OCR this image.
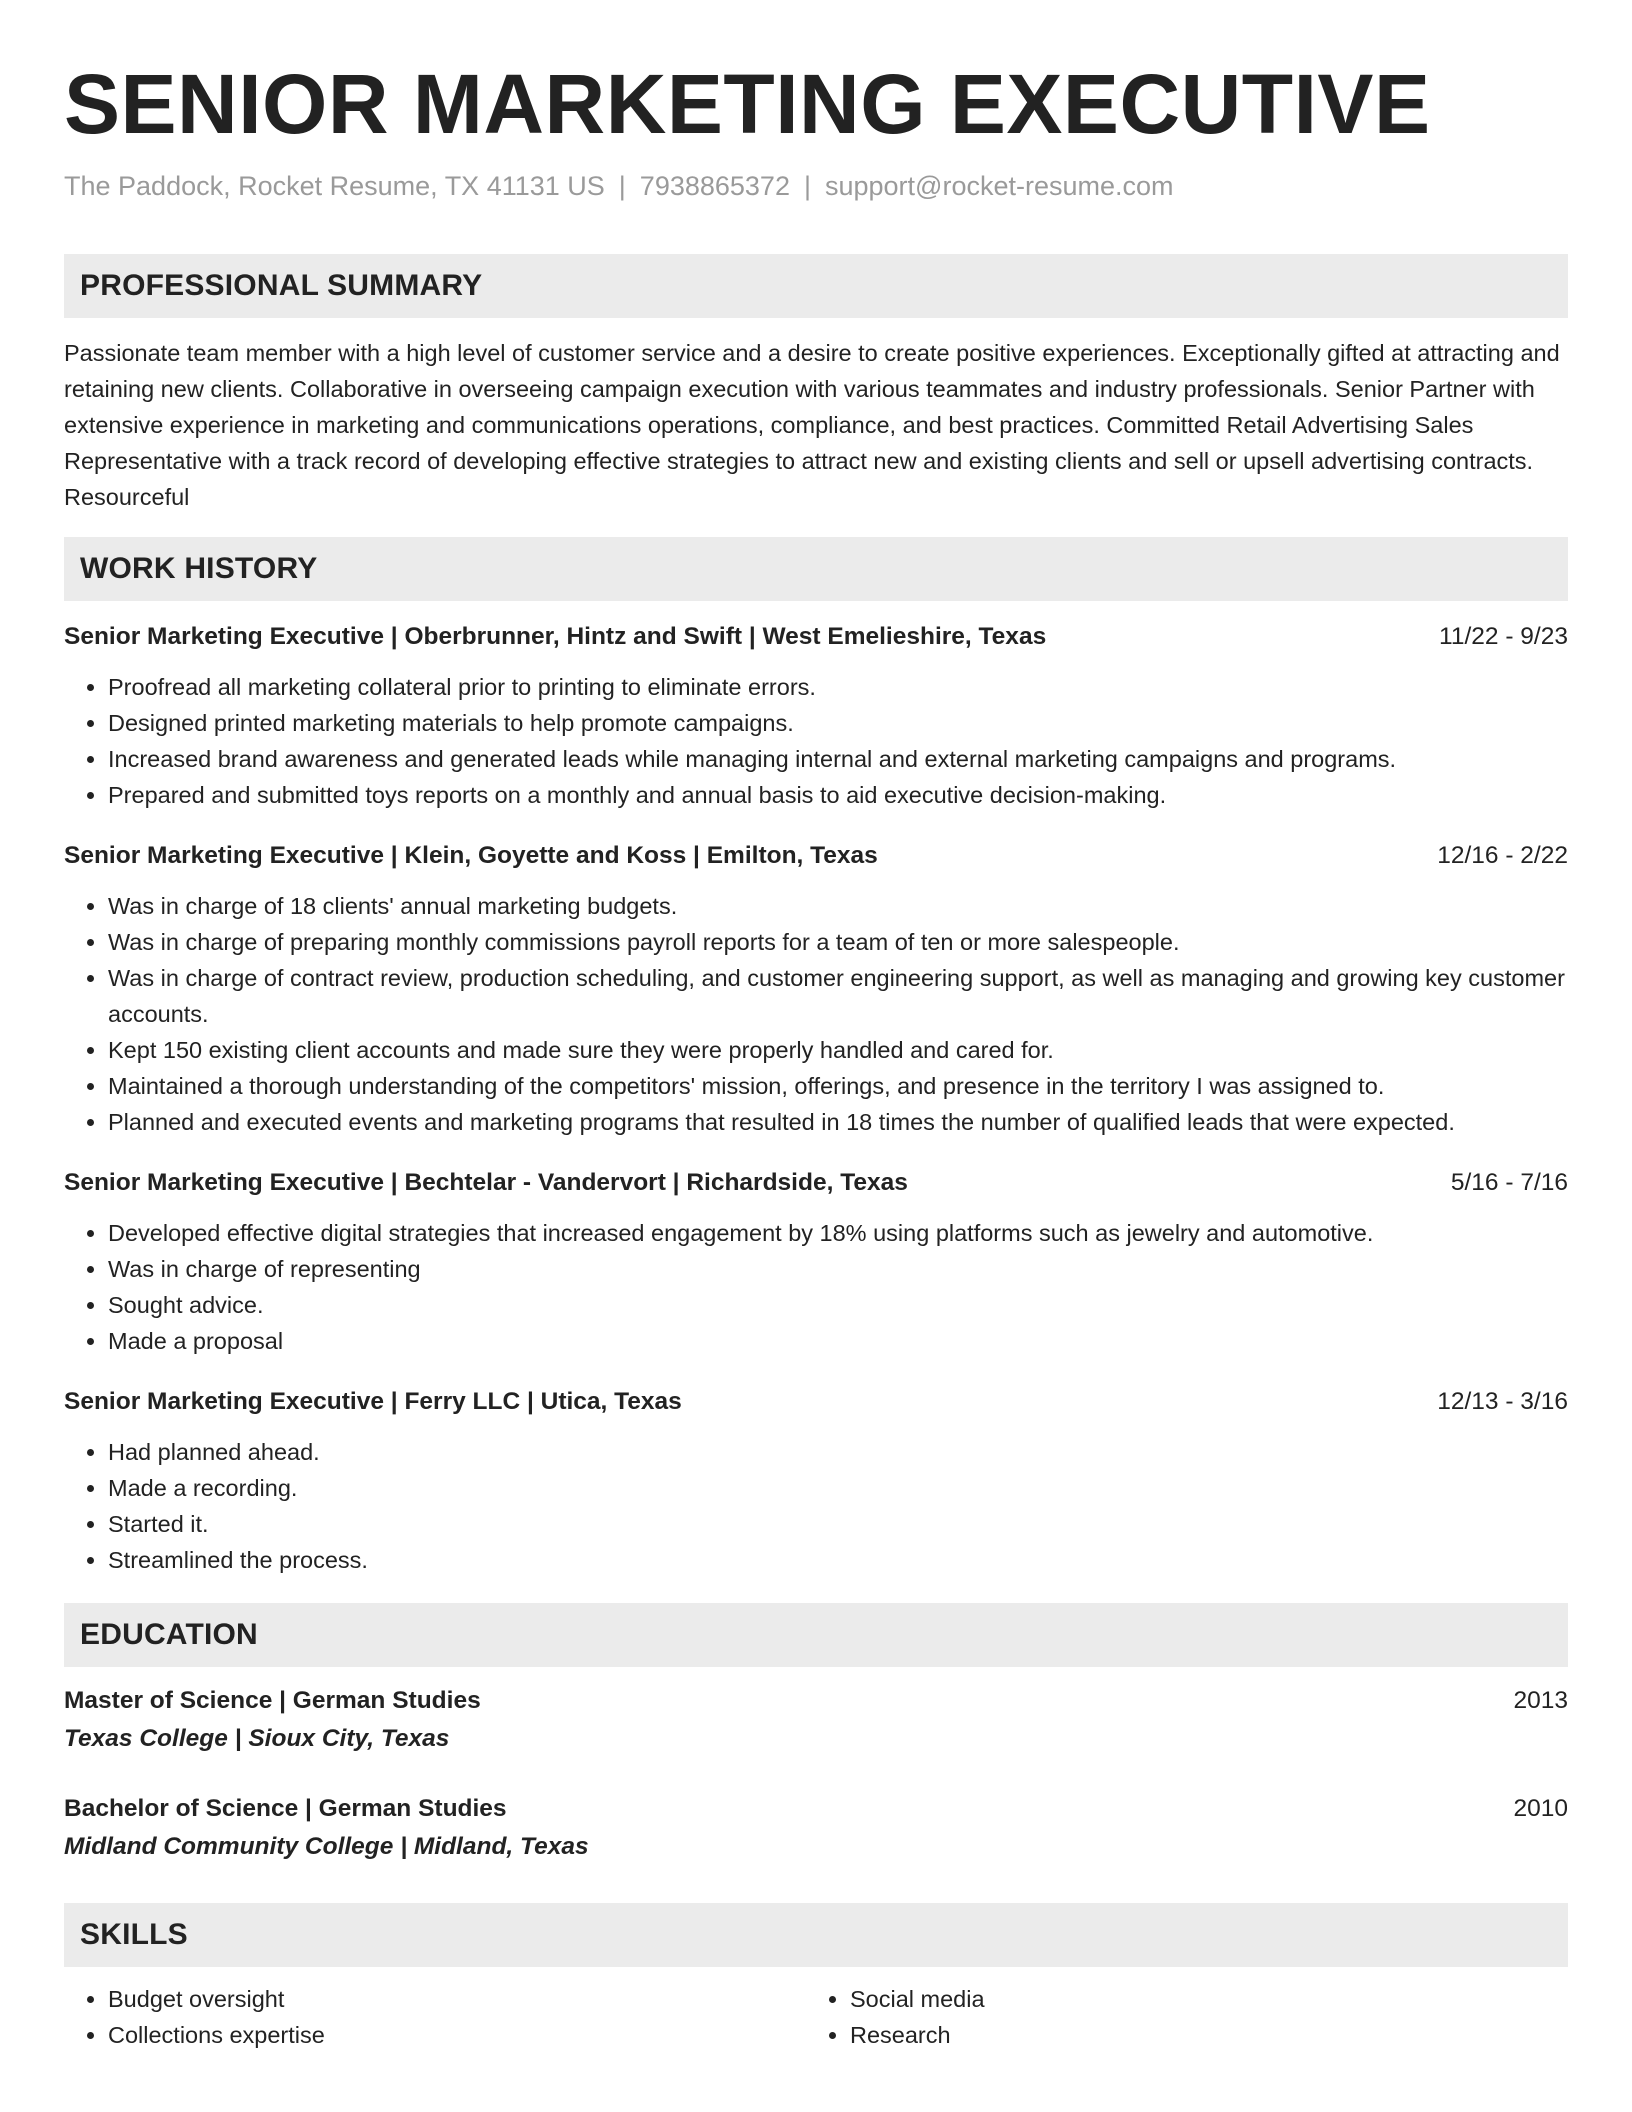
SENIOR MARKETING EXECUTIVE
The Paddock, Rocket Resume, TX 41131 US | 7938865372 | support@rocket-resume.com
PROFESSIONAL SUMMARY

Passionate team member with a high level of customer service and a desire to create positive experiences. Exceptionally gifted at attracting and retaining new clients. Collaborative in overseeing campaign execution with various teammates and industry professionals. Senior Partner with extensive experience in marketing and communications operations, compliance, and best practices. Committed Retail Advertising Sales Representative with a track record of developing effective strategies to attract new and existing clients and sell or upsell advertising contracts. Resourceful

WORK HISTORY
Senior Marketing Executive | Oberbrunner, Hintz and Swift | West Emelieshire, Texas	11/22 - 9/23
• Proofread all marketing collateral prior to printing to eliminate errors.
• Designed printed marketing materials to help promote campaigns.
• Increased brand awareness and generated leads while managing internal and external marketing campaigns and programs.
• Prepared and submitted toys reports on a monthly and annual basis to aid executive decision-making.
Senior Marketing Executive | Klein, Goyette and Koss | Emilton, Texas	12/16 - 2/22
• Was in charge of 18 clients' annual marketing budgets.
• Was in charge of preparing monthly commissions payroll reports for a team of ten or more salespeople.
• Was in charge of contract review, production scheduling, and customer engineering support, as well as managing and growing key customer accounts.
• Kept 150 existing client accounts and made sure they were properly handled and cared for.
• Maintained a thorough understanding of the competitors' mission, offerings, and presence in the territory I was assigned to.
• Planned and executed events and marketing programs that resulted in 18 times the number of qualified leads that were expected.
Senior Marketing Executive | Bechtelar - Vandervort | Richardside, Texas	5/16 - 7/16
• Developed effective digital strategies that increased engagement by 18% using platforms such as jewelry and automotive.
• Was in charge of representing
• Sought advice.
• Made a proposal
Senior Marketing Executive | Ferry LLC | Utica, Texas	12/13 - 3/16
• Had planned ahead.
• Made a recording.
• Started it.
• Streamlined the process.
EDUCATION
Master of Science | German Studies	2013
Texas College | Sioux City, Texas
Bachelor of Science | German Studies	2010
Midland Community College | Midland, Texas
SKILLS
• Budget oversight
• Collections expertise
• Social media
• Research
